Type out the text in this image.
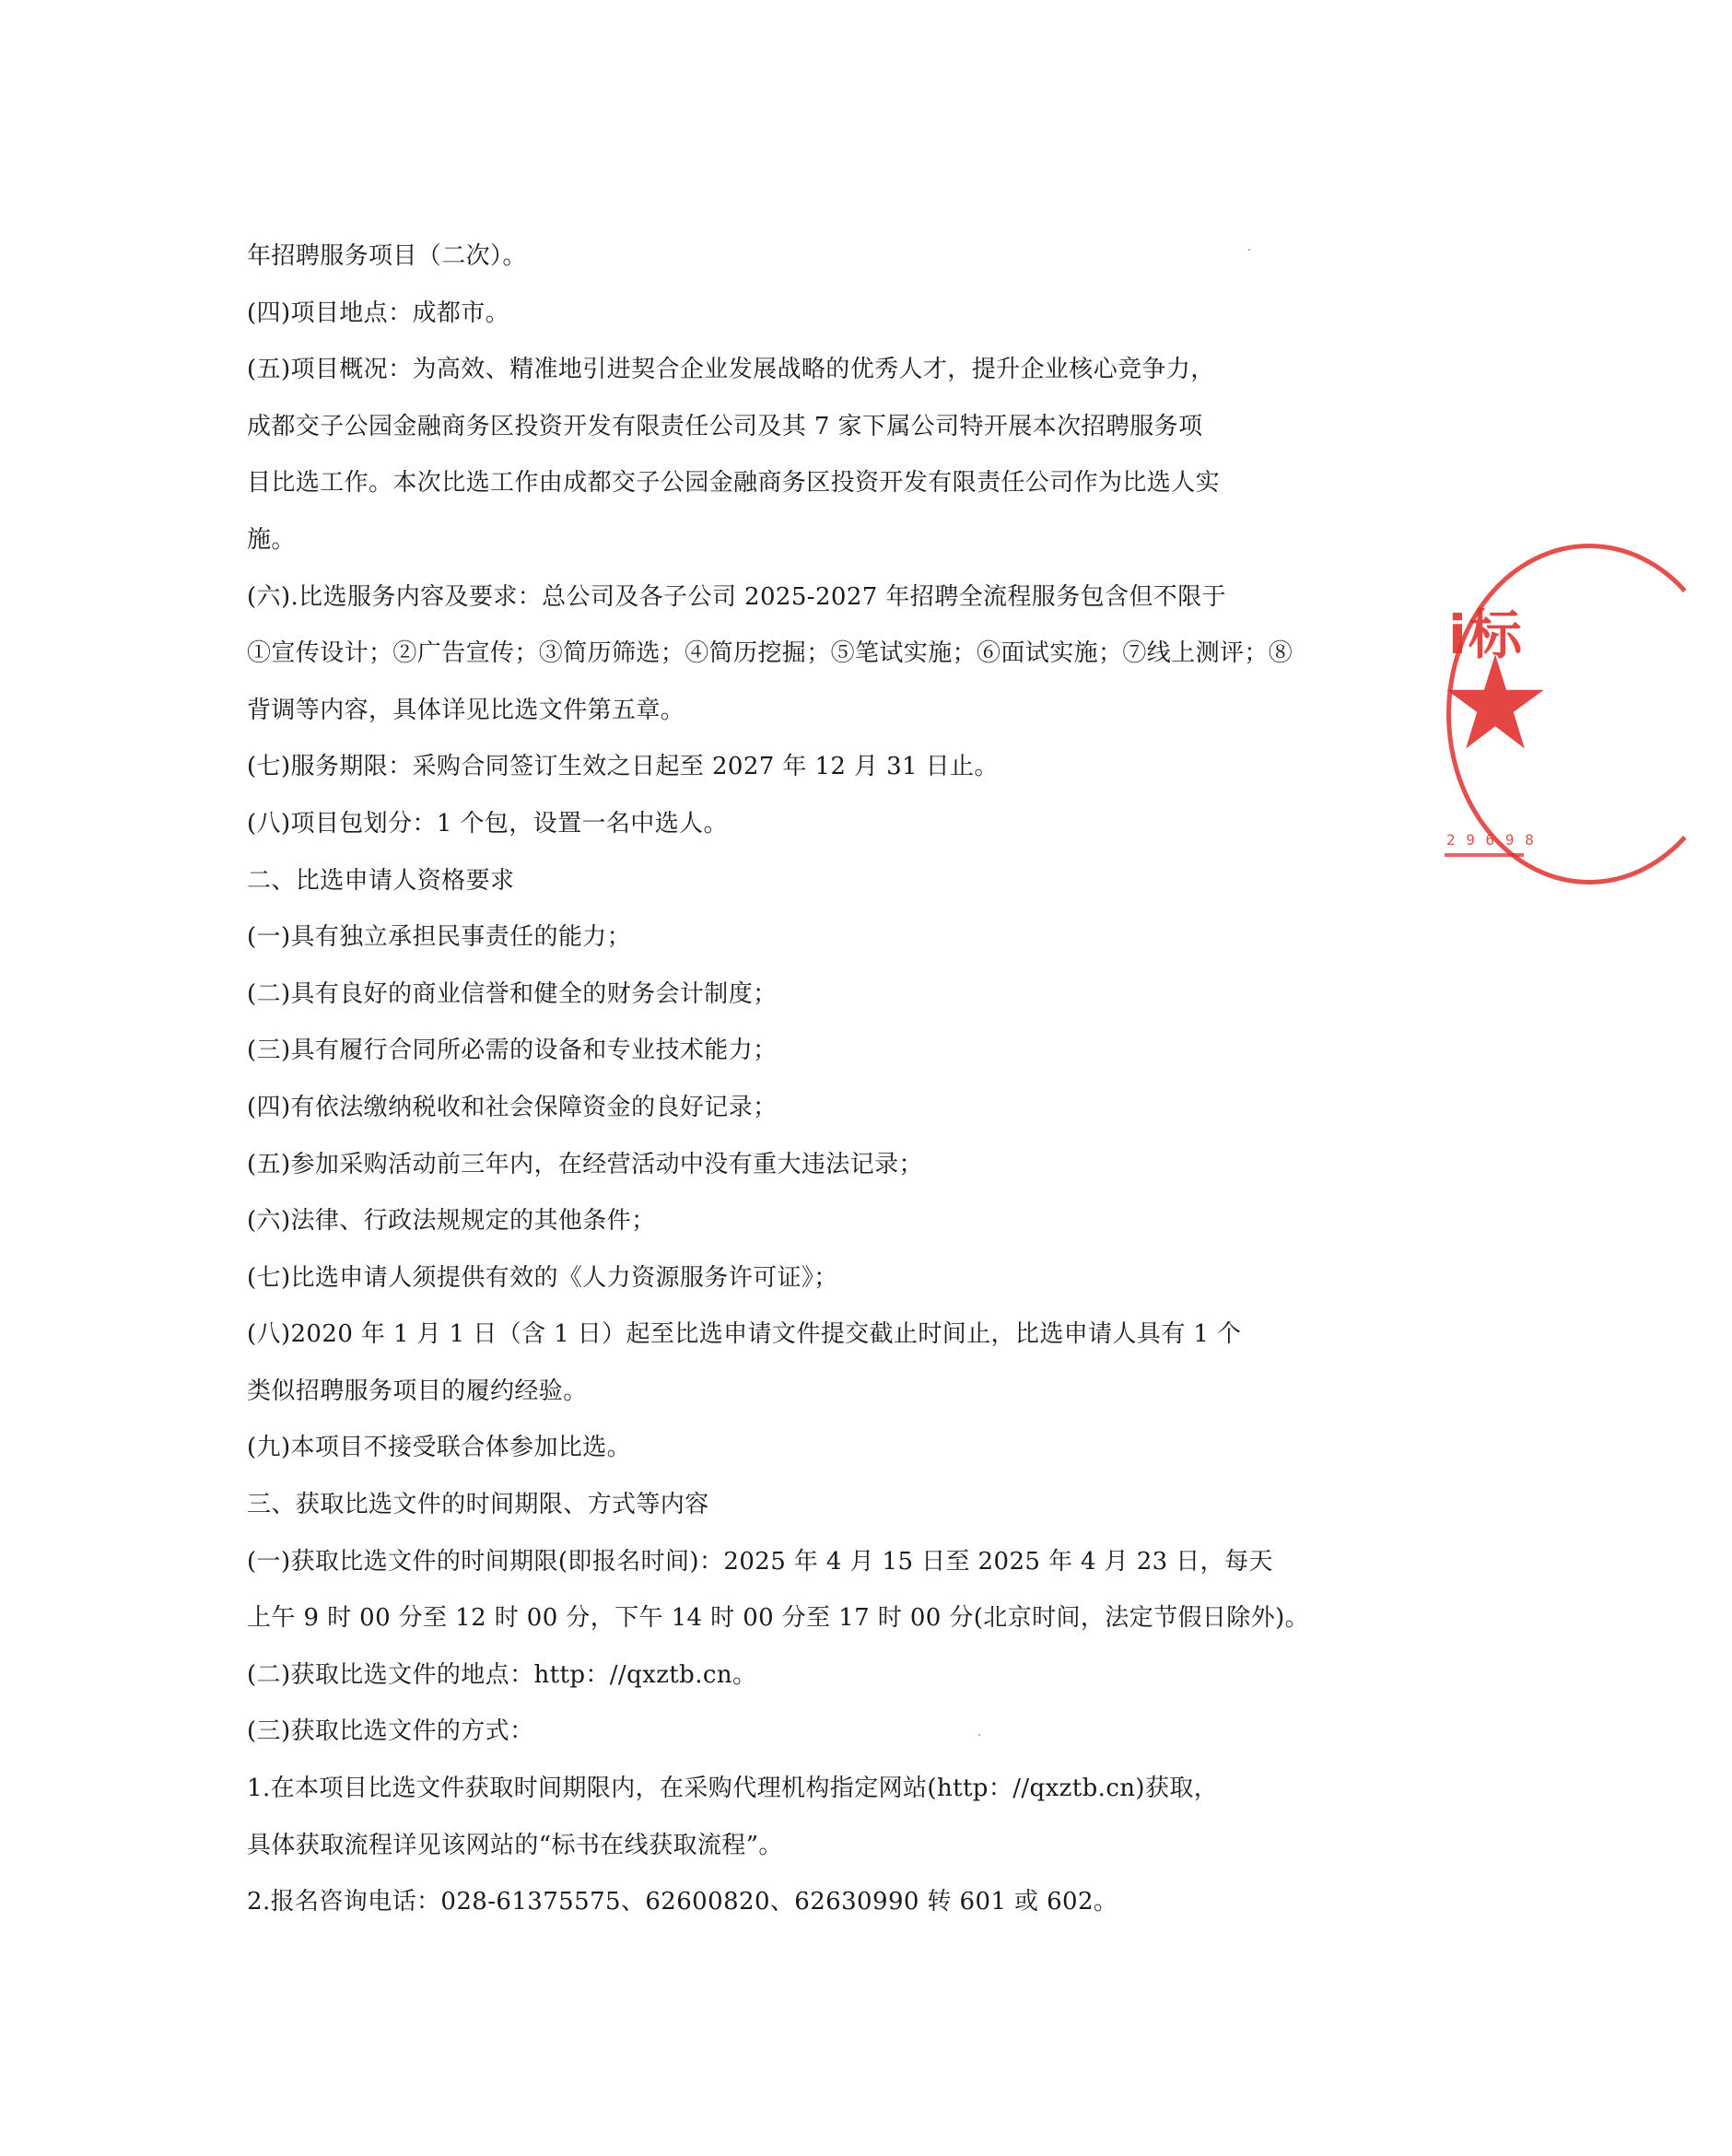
年招聘服务项目（二次）。
(四)项目地点：成都市。
(五)项目概况：为高效、精准地引进契合企业发展战略的优秀人才，提升企业核心竞争力，
成都交子公园金融商务区投资开发有限责任公司及其 7 家下属公司特开展本次招聘服务项
目比选工作。本次比选工作由成都交子公园金融商务区投资开发有限责任公司作为比选人实
施。
(六).比选服务内容及要求：总公司及各子公司 2025-2027 年招聘全流程服务包含但不限于
①宣传设计；②广告宣传；③简历筛选；④简历挖掘；⑤笔试实施；⑥面试实施；⑦线上测评；⑧
背调等内容，具体详见比选文件第五章。
(七)服务期限：采购合同签订生效之日起至 2027 年 12 月 31 日止。
(八)项目包划分：1 个包，设置一名中选人。
二、比选申请人资格要求
(一)具有独立承担民事责任的能力；
(二)具有良好的商业信誉和健全的财务会计制度；
(三)具有履行合同所必需的设备和专业技术能力；
(四)有依法缴纳税收和社会保障资金的良好记录；
(五)参加采购活动前三年内，在经营活动中没有重大违法记录；
(六)法律、行政法规规定的其他条件；
(七)比选申请人须提供有效的《人力资源服务许可证》；
(八)2020 年 1 月 1 日（含 1 日）起至比选申请文件提交截止时间止，比选申请人具有 1 个
类似招聘服务项目的履约经验。
(九)本项目不接受联合体参加比选。
三、获取比选文件的时间期限、方式等内容
(一)获取比选文件的时间期限(即报名时间)：2025 年 4 月 15 日至 2025 年 4 月 23 日，每天
上午 9 时 00 分至 12 时 00 分，下午 14 时 00 分至 17 时 00 分(北京时间，法定节假日除外)。
(二)获取比选文件的地点：http：//qxztb.cn。
(三)获取比选文件的方式：
1.在本项目比选文件获取时间期限内，在采购代理机构指定网站(http：//qxztb.cn)获取，
具体获取流程详见该网站的“标书在线获取流程”。
2.报名咨询电话：028-61375575、62600820、62630990 转 601 或 602。
i标
2 9 6 9 8
